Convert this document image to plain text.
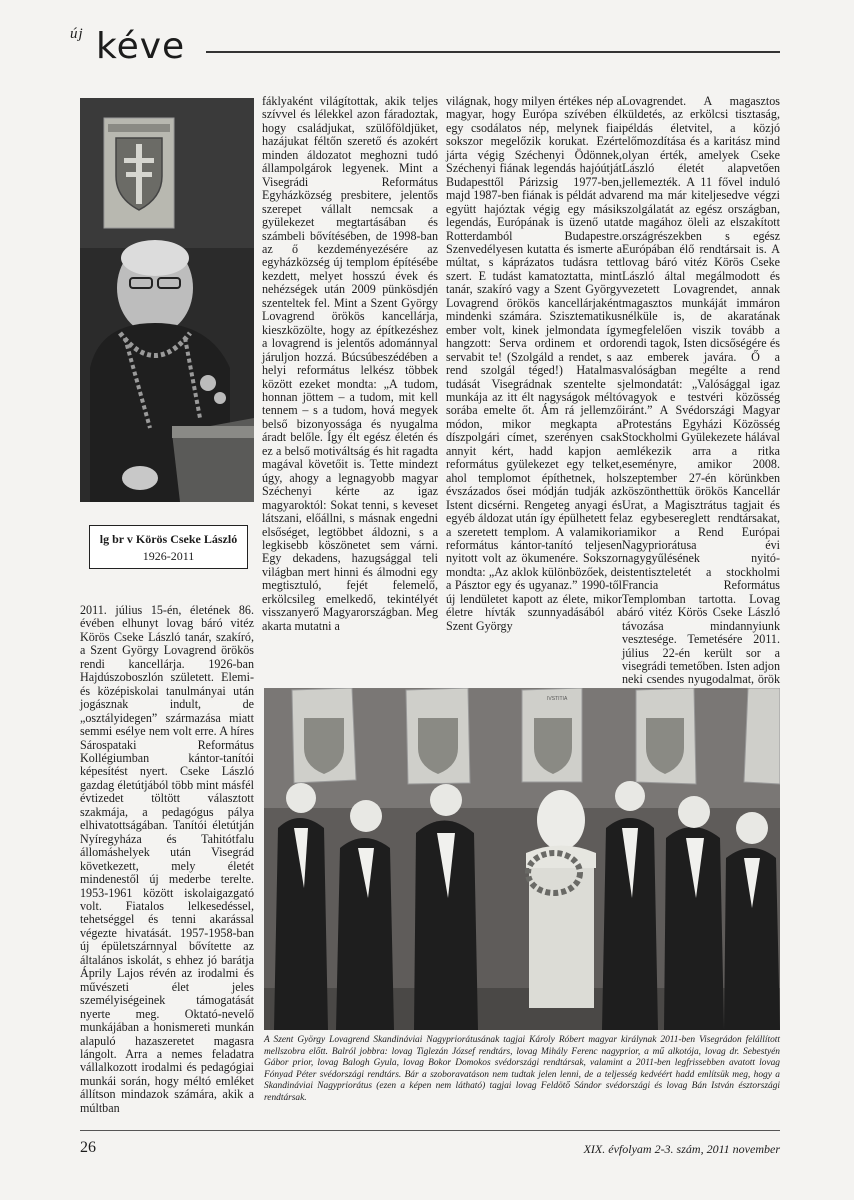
új kéve
lg br v Körös Cseke László
1926-2011

2011. július 15-én, életének 86. évében elhunyt lovag báró vitéz Körös Cseke László tanár, szakíró, a Szent György Lovagrend örökös rendi kancellárja. 1926-ban Hajdúszoboszlón született. Elemi- és középiskolai tanulmányai után jogásznak indult, de „osztályidegen” származása miatt semmi esélye nem volt erre. A híres Sárospataki Református Kollégiumban kántor-tanítói képesítést nyert. Cseke László gazdag életútjából több mint másfél évtizedet töltött választott szakmája, a pedagógus pálya elhivatottságában. Tanítói életútján Nyíregyháza és Tahitótfalu állomáshelyek után Visegrád következett, mely életét mindenestől új mederbe terelte. 1953-1961 között iskolaigazgató volt. Fiatalos lelkesedéssel, tehetséggel és tenni akarással végezte hivatását. 1957-1958-ban új épületszárnnyal bővítette az általános iskolát, s ehhez jó barátja Áprily Lajos révén az irodalmi és művészeti élet jeles személyiségeinek támogatását nyerte meg. Oktató-nevelő munkájában a honismereti munkán alapuló hazaszeretet magasra lángolt. Arra a nemes feladatra vállalkozott irodalmi és pedagógiai munkái során, hogy méltó emléket állítson mindazok számára, akik a múltban

fáklyaként világítottak, akik teljes szívvel és lélekkel azon fáradoztak, hogy családjukat, szülőföldjüket, hazájukat féltőn szerető és azokért minden áldozatot meghozni tudó állampolgárok legyenek. Mint a Visegrádi Református Egyházközség presbitere, jelentős szerepet vállalt nemcsak a gyülekezet megtartásában és számbeli bővítésében, de 1998-ban az ő kezdeményezésére az egyházközség új templom építésébe kezdett, melyet hosszú évek és nehézségek után 2009 pünkösdjén szenteltek fel. Mint a Szent György Lovagrend örökös kancellárja, kieszközölte, hogy az építkezéshez a lovagrend is jelentős adománnyal járuljon hozzá. Búcsúbeszédében a helyi református lelkész többek között ezeket mondta: „A tudom, honnan jöttem – a tudom, mit kell tennem – s a tudom, hová megyek belső bizonyossága és nyugalma áradt belőle. Így élt egész életén és ez a belső motiváltság és hit ragadta magával követőit is. Tette mindezt úgy, ahogy a legnagyobb magyar Széchenyi kérte az igaz magyaroktól: Sokat tenni, s keveset látszani, előállni, s másnak engedni elsőséget, legtöbbet áldozni, s a legkisebb köszönetet sem várni. Egy dekadens, hazugsággal teli világban mert hinni és álmodni egy megtisztuló, fejét felemelő, erkölcsileg emelkedő, tekintélyét visszanyerő Magyarországban. Meg akarta mutatni a

világnak, hogy milyen értékes nép a magyar, hogy Európa szívében él egy csodálatos nép, melynek fiai sokszor megelőzik korukat. Ezért járta végig Széchenyi Ödönnek, Széchenyi fiának legendás hajóútját Budapesttől Párizsig 1977-ben, majd 1987-ben fiának is példát adva együtt hajóztak végig egy másik legendás, Európának is üzenő utat Rotterdamból Budapestre. Szenvedélyesen kutatta és ismerte a múltat, s káprázatos tudásra tett szert. E tudást kamatoztatta, mint tanár, szakíró vagy a Szent György Lovagrend örökös kancellárjaként mindenki számára. Szisztematikus ember volt, kinek jelmondata így hangzott: Serva ordinem et ordo servabit te! (Szolgáld a rendet, s a rend szolgál téged!) Hatalmas tudását Visegrádnak szentelte s munkája az itt élt nagyságok méltó sorába emelte őt. Ám rá jellemző módon, mikor megkapta a díszpolgári címet, szerényen csak annyit kért, hadd kapjon a református gyülekezet egy telket, ahol templomot építhetnek, hol évszázados ősei módján tudják az Istent dicsérni. Rengeteg anyagi és egyéb áldozat után így épülhetett fel a szeretett templom. A valamikori református kántor-tanító teljesen nyitott volt az ökumenére. Sokszor mondta: „Az aklok különbözőek, de a Pásztor egy és ugyanaz.” 1990-től új lendületet kapott az élete, mikor életre hívták szunnyadásából a Szent György

Lovagrendet. A magasztos küldetés, az erkölcsi tisztaság, példás életvitel, a közjó előmozdítása és a karitász mind olyan érték, amelyek Cseke László életét alapvetően jellemezték. A 11 fővel induló rend ma már kiteljesedve végzi szolgálatát az egész országban, de magához öleli az elszakított országrészekben s egész Európában élő rendtársait is. A lovag báró vitéz Körös Cseke László által megálmodott és vezetett Lovagrendet, annak magasztos munkáját immáron nélküle is, de akaratának megfelelően viszik tovább a rendi tagok, Isten dicsőségére és az emberek javára. Ő a valóságban megélte a rend jelmondatát: „Valósággal igaz vagyok e testvéri közösség iránt.” A Svédországi Magyar Protestáns Egyházi Közösség Stockholmi Gyülekezete hálával emlékezik arra a ritka eseményre, amikor 2008. szeptember 27-én körünkben köszönthettük örökös Kancellár Urat, a Magisztrátus tagjait és az egybesereglett rendtársakat, amikor a Rend Európai Nagypriorátusa évi nagygyűlésének nyitó-istentiszteletét a stockholmi Francia Református Templomban tartotta. Lovag báró vitéz Körös Cseke László távozása mindannyiunk vesztesége. Temetésére 2011. július 22-én került sor a visegrádi temetőben. Isten adjon neki csendes nyugodalmat, örök

IVSTITIA
A Szent György Lovagrend Skandináviai Nagypriorátusának tagjai Károly Róbert magyar királynak 2011-ben Visegrádon felállított mellszobra előtt. Balról jobbra: lovag Tiglezán József rendtárs, lovag Mihály Ferenc nagyprior, a mű alkotója, lovag dr. Sebestyén Gábor prior, lovag Balogh Gyula, lovag Bokor Domokos svédországi rendtársak, valamint a 2011-ben legfrissebben avatott lovag Fónyad Péter svédországi rendtárs. Bár a szoboravatáson nem tudtak jelen lenni, de a teljesség kedvéért hadd említsük meg, hogy a Skandináviai Nagypriorátus (ezen a képen nem látható) tagjai lovag Feldötő Sándor svédországi és lovag Bán István észtországi rendtársak.
26	XIX. évfolyam 2-3. szám, 2011 november
